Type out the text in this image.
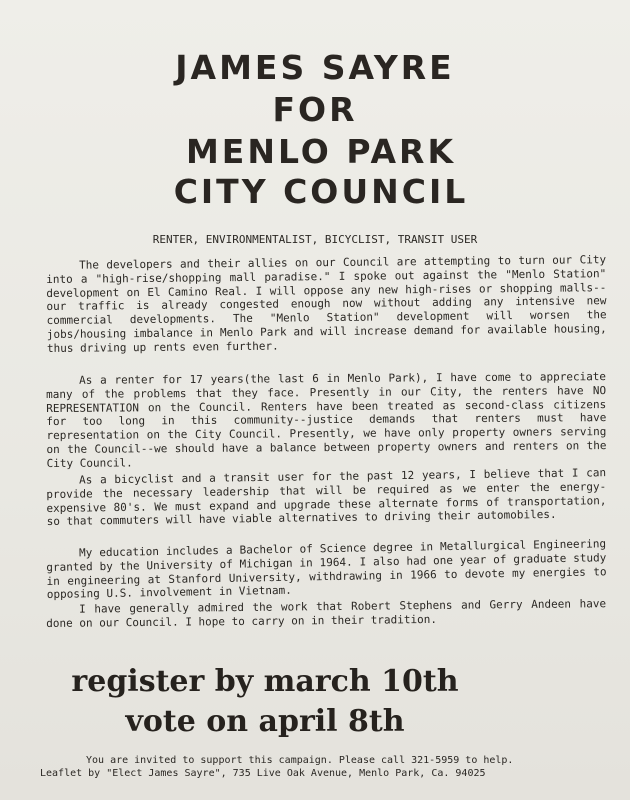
JAMES SAYRE
FOR
MENLO PARK
CITY COUNCIL

RENTER, ENVIRONMENTALIST, BICYCLIST, TRANSIT USER

The developers and their allies on our Council are attempting to turn our City into a "high-rise/shopping mall paradise." I spoke out against the "Menlo Station" development on El Camino Real. I will oppose any new high-rises or shopping malls--our traffic is already congested enough now without adding any intensive new commercial developments. The "Menlo Station" development will worsen the jobs/housing imbalance in Menlo Park and will increase demand for available housing, thus driving up rents even further.

As a renter for 17 years(the last 6 in Menlo Park), I have come to appreciate many of the problems that they face. Presently in our City, the renters have NO REPRESENTATION on the Council. Renters have been treated as second-class citizens for too long in this community--justice demands that renters must have representation on the City Council. Presently, we have only property owners serving on the Council--we should have a balance between property owners and renters on the City Council.

As a bicyclist and a transit user for the past 12 years, I believe that I can provide the necessary leadership that will be required as we enter the energy-expensive 80's. We must expand and upgrade these alternate forms of transportation, so that commuters will have viable alternatives to driving their automobiles.

My education includes a Bachelor of Science degree in Metallurgical Engineering granted by the University of Michigan in 1964. I also had one year of graduate study in engineering at Stanford University, withdrawing in 1966 to devote my energies to opposing U.S. involvement in Vietnam.

I have generally admired the work that Robert Stephens and Gerry Andeen have done on our Council. I hope to carry on in their tradition.

register by march 10th

vote on april 8th

You are invited to support this campaign. Please call 321-5959 to help.

Leaflet by "Elect James Sayre", 735 Live Oak Avenue, Menlo Park, Ca. 94025
